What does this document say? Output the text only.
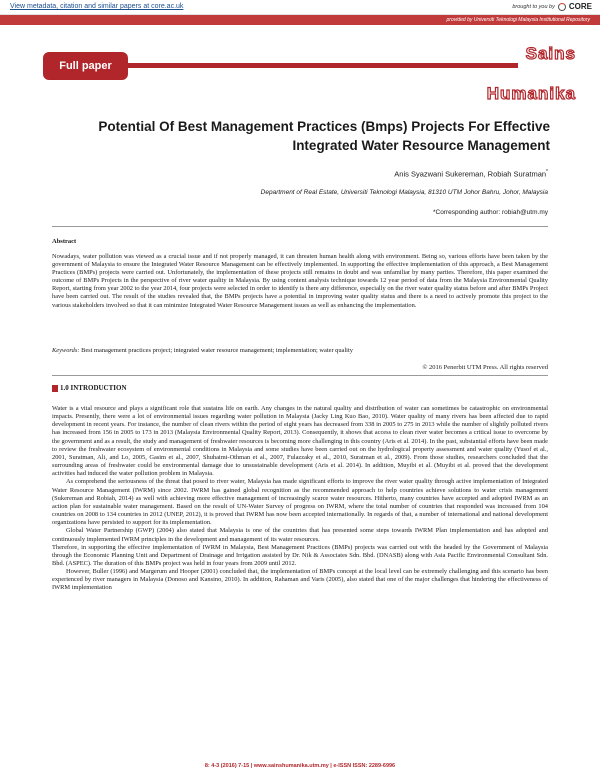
View metadata, citation and similar papers at core.ac.uk	brought to you by CORE
provided by Universiti Teknologi Malaysia Institutional Repository
Full paper
Sains
Humanika
Potential Of Best Management Practices (Bmps) Projects For Effective
Integrated Water Resource Management
Anis Syazwani Sukereman, Robiah Suratman*
Department of Real Estate, Universiti Teknologi Malaysia, 81310 UTM Johor Bahru, Johor, Malaysia
*Corresponding author: robiah@utm.my
Abstract
Nowadays, water pollution was viewed as a crucial issue and if not properly managed, it can threaten human health along with environment. Being so, various efforts have been taken by the government of Malaysia to ensure the Integrated Water Resource Management can be effectively implemented. In supporting the effective implementation of this approach, a Best Management Practices (BMPs) projects were carried out. Unfortunately, the implementation of these projects still remains in doubt and was unfamiliar by many parties. Therefore, this paper examined the outcome of BMPs Projects in the perspective of river water quality in Malaysia. By using content analysis technique towards 12 year period of data from the Malaysia Environmental Quality Report, starting from year 2002 to the year 2014, four projects were selected in order to identify is there any difference, especially on the river water quality status before and after BMPs Project have been carried out. The result of the studies revealed that, the BMPs projects have a potential in improving water quality status and there is a need to actively promote this project to the various stakeholders involved so that it can minimize Integrated Water Resource Management issues as well as enhancing the implementation.
Keywords: Best management practices project; integrated water resource management; implementation; water quality
© 2016 Penerbit UTM Press. All rights reserved
1.0 INTRODUCTION

Water is a vital resource and plays a significant role that sustains life on earth. Any changes in the natural quality and distribution of water can sometimes be catastrophic on environmental impacts. Presently, there were a lot of environmental issues regarding water pollution in Malaysia (Jacky Ling Kuo Bao, 2010). Water quality of many rivers has been affected due to rapid development in recent years. For instance, the number of clean rivers within the period of eight years has decreased from 338 in 2005 to 275 in 2013 while the number of slightly polluted rivers has increased from 156 in 2005 to 173 in 2013 (Malaysia Environmental Quality Report, 2013). Consequently, it shows that access to clean river water becomes a critical issue to overcome by the government and as a result, the study and management of freshwater resources is becoming more challenging in this country (Aris et al. 2014). In the past, substantial efforts have been made to review the freshwater ecosystem of environmental conditions in Malaysia and some studies have been carried out on the hydrological property assessment and water quality (Yusof et al., 2001, Suratman, Ali, and Lo, 2005, Gasim et al., 2007, Shuhaimi-Othman et al., 2007, Fulazzaky et al., 2010, Suratman et al., 2009). From those studies, researchers concluded that the surrounding areas of freshwater could be environmental damage due to unsustainable development (Aris et al. 2014). In addition, Muyibi et al. (Muyibi et al. proved that the development activities had induced the water pollution problem in Malaysia.

As comprehend the seriousness of the threat that posed to river water, Malaysia has made significant efforts to improve the river water quality through active implementation of Integrated Water Resource Management (IWRM) since 2002. IWRM has gained global recognition as the recommended approach to help countries achieve solutions to water crisis management (Sukereman and Robiah, 2014) as well with achieving more effective management of increasingly scarce water resources. Hitherto, many countries have accepted and adopted IWRM as an action plan for sustainable water management. Based on the result of UN-Water Survey of progress on IWRM, where the total number of countries that responded was increased from 104 countries on 2008 to 134 countries in 2012 (UNEP, 2012), it is proved that IWRM has now been accepted internationally. In regards of that, a number of international and national development organizations have persisted to support for its implementation.

Global Water Partnership (GWP) (2004) also stated that Malaysia is one of the countries that has presented some steps towards IWRM Plan implementation and has adopted and continuously implemented IWRM principles in the development and management of its water resources.

Therefore, in supporting the effective implementation of IWRM in Malaysia, Best Management Practices (BMPs) projects was carried out with the headed by the Government of Malaysia through the Economic Planning Unit and Department of Drainage and Irrigation assisted by Dr. Nik & Associates Sdn. Bhd. (DNASB) along with Asia Pacific Environmental Consultant Sdn. Bhd. (ASPEC). The duration of this BMPs project was held in four years from 2009 until 2012.

However, Buller (1996) and Margerum and Hooper (2001) concluded that, the implementation of BMPs concept at the local level can be extremely challenging and this scenario has been experienced by river managers in Malaysia (Donoso and Kansino, 2010). In addition, Rahaman and Varis (2005), also stated that one of the major challenges that hindering the effectiveness of IWRM implementation

8: 4-3 (2016) 7-15 | www.sainshumanika.utm.my | e-ISSN ISSN: 2289-6996
